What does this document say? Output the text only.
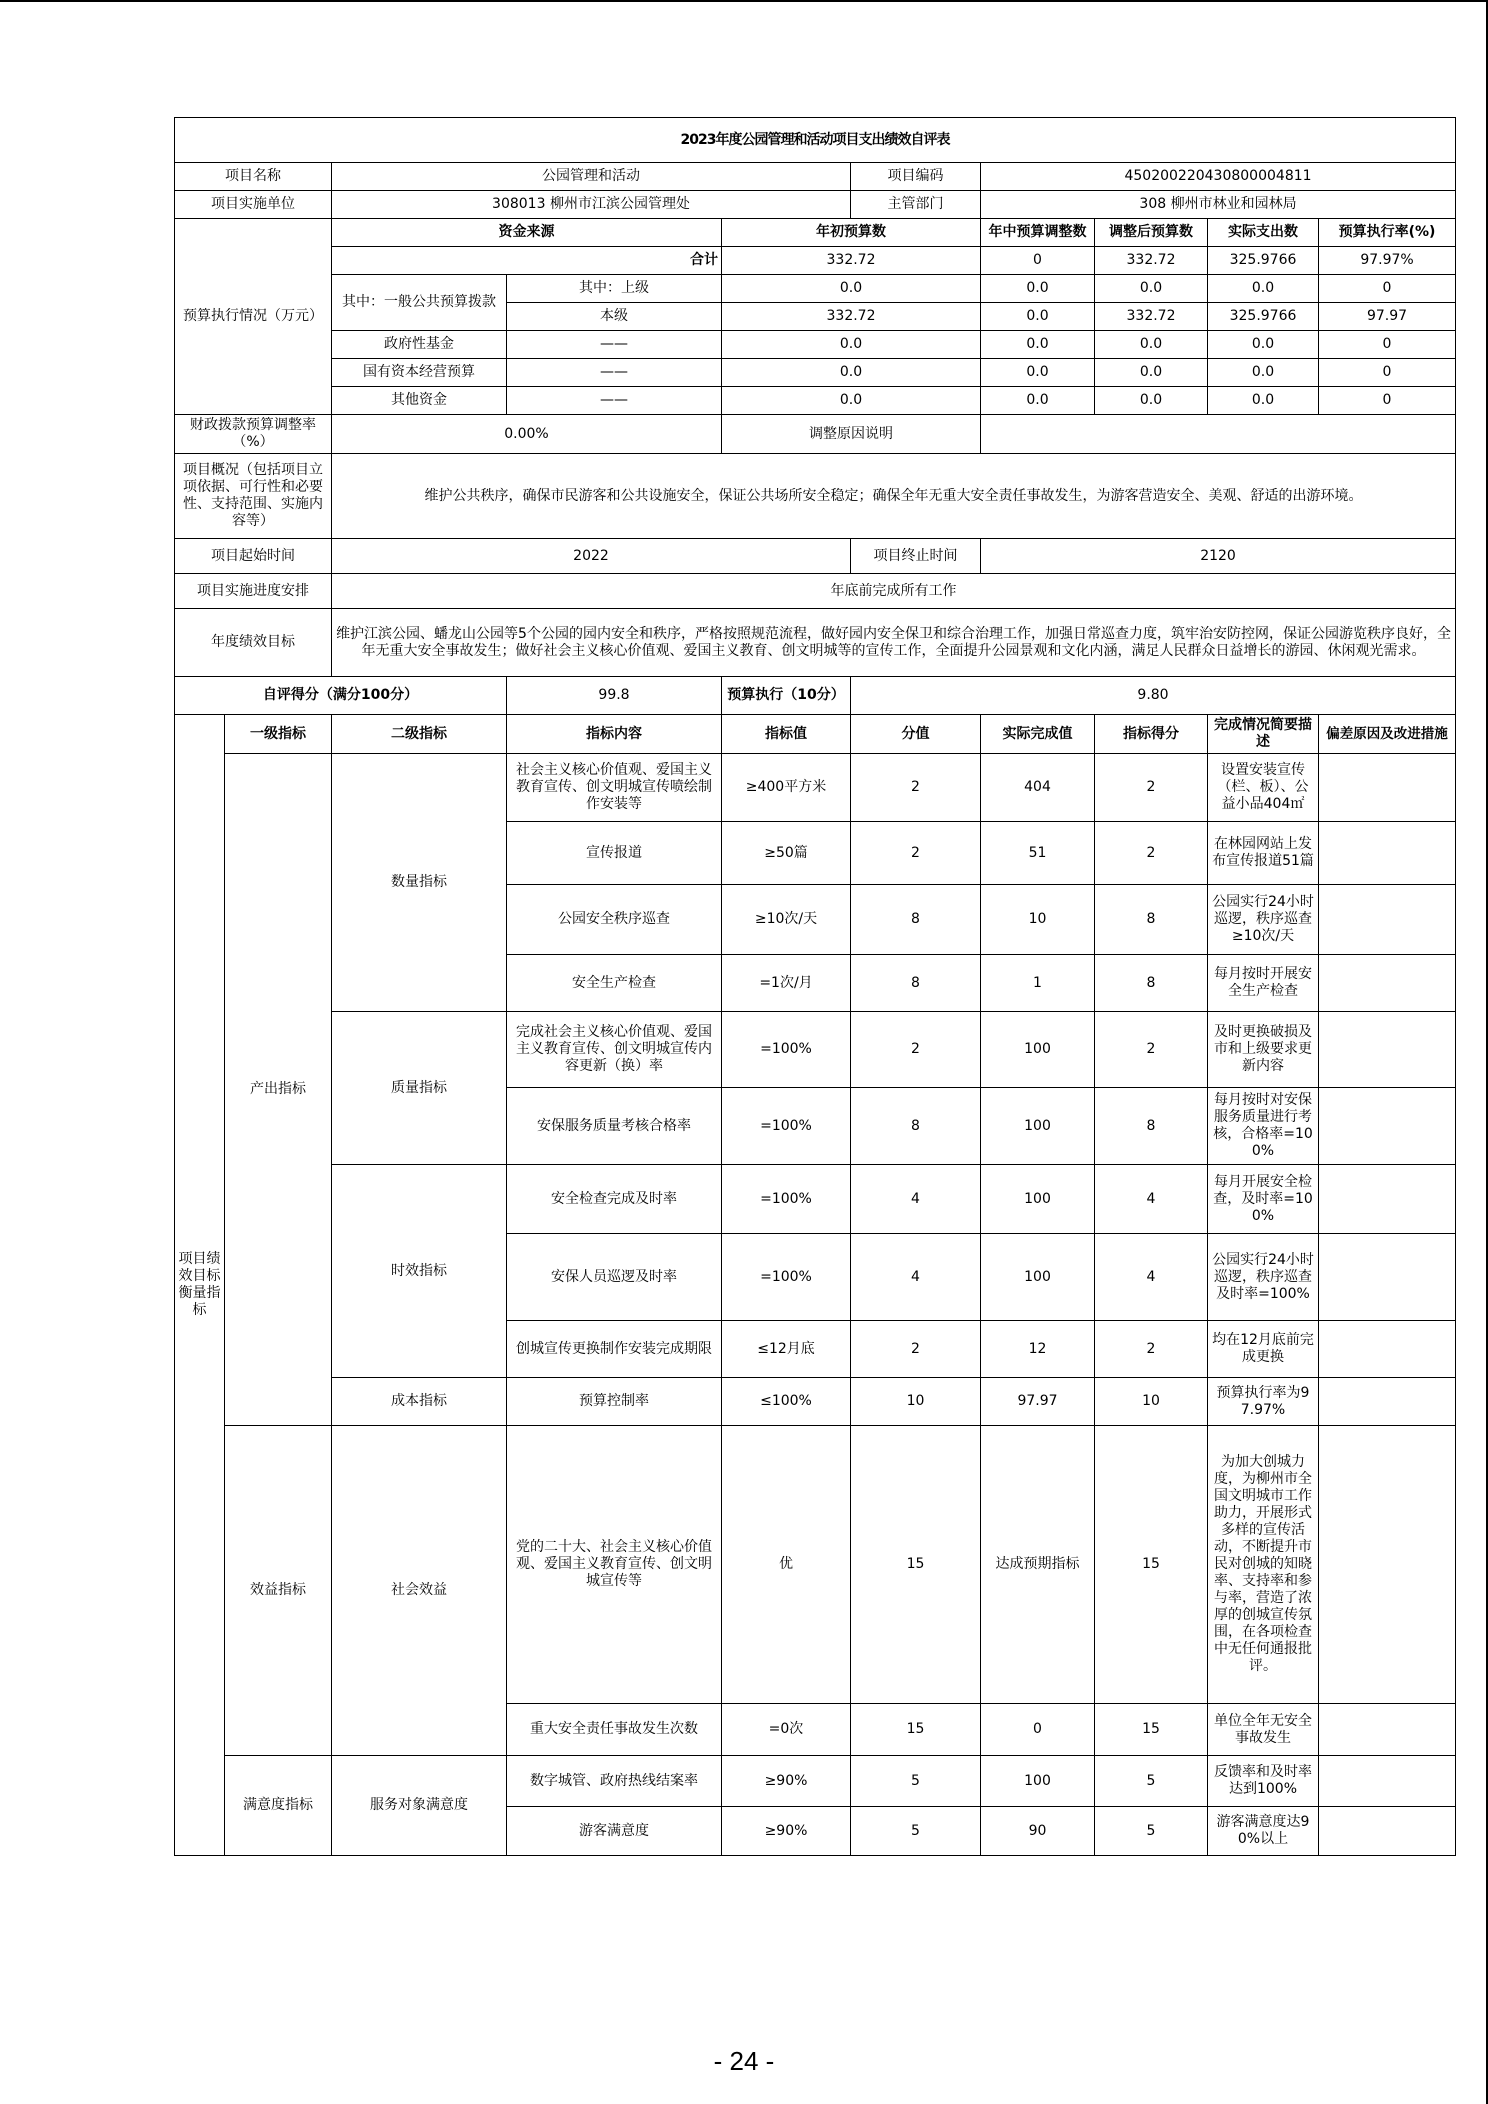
2023年度公园管理和活动项目支出绩效自评表									
项目名称		公园管理和活动			项目编码	450200220430800004811			
项目实施单位		308013 柳州市江滨公园管理处			主管部门	308 柳州市林业和园林局			
预算执行情况（万元）		资金来源		年初预算数		年中预算调整数	调整后预算数	实际支出数	预算执行率(%)
		合计		332.72		0	332.72	325.9766	97.97%
		其中：一般公共预算拨款	其中：上级	0.0		0.0	0.0	0.0	0
			本级	332.72		0.0	332.72	325.9766	97.97
		政府性基金	——	0.0		0.0	0.0	0.0	0
		国有资本经营预算	——	0.0		0.0	0.0	0.0	0
		其他资金	——	0.0		0.0	0.0	0.0	0
财政拨款预算调整率（%）		0.00%		调整原因说明					
项目概况（包括项目立项依据、可行性和必要性、支持范围、实施内容等）		维护公共秩序，确保市民游客和公共设施安全，保证公共场所安全稳定；确保全年无重大安全责任事故发生，为游客营造安全、美观、舒适的出游环境。							
项目起始时间		2022			项目终止时间	2120			
项目实施进度安排		年底前完成所有工作							
年度绩效目标		维护江滨公园、蟠龙山公园等5个公园的园内安全和秩序，严格按照规范流程，做好园内安全保卫和综合治理工作，加强日常巡查力度，筑牢治安防控网，保证公园游览秩序良好，全年无重大安全事故发生；做好社会主义核心价值观、爱国主义教育、创文明城等的宣传工作，全面提升公园景观和文化内涵，满足人民群众日益增长的游园、休闲观光需求。							
自评得分（满分100分）			99.8	预算执行（10分）	9.80				
项目绩效目标衡量指标	一级指标	二级指标	指标内容	指标值	分值	实际完成值	指标得分	完成情况简要描述	偏差原因及改进措施
	产出指标	数量指标	社会主义核心价值观、爱国主义教育宣传、创文明城宣传喷绘制作安装等	≥400平方米	2	404	2	设置安装宣传（栏、板）、公益小品404㎡	
			宣传报道	≥50篇	2	51	2	在林园网站上发布宣传报道51篇	
			公园安全秩序巡查	≥10次/天	8	10	8	公园实行24小时巡逻，秩序巡查≥10次/天	
			安全生产检查	=1次/月	8	1	8	每月按时开展安全生产检查	
		质量指标	完成社会主义核心价值观、爱国主义教育宣传、创文明城宣传内容更新（换）率	=100%	2	100	2	及时更换破损及市和上级要求更新内容	
			安保服务质量考核合格率	=100%	8	100	8	每月按时对安保服务质量进行考核，合格率=100%	
		时效指标	安全检查完成及时率	=100%	4	100	4	每月开展安全检查，及时率=100%	
			安保人员巡逻及时率	=100%	4	100	4	公园实行24小时巡逻，秩序巡查及时率=100%	
			创城宣传更换制作安装完成期限	≤12月底	2	12	2	均在12月底前完成更换	
		成本指标	预算控制率	≤100%	10	97.97	10	预算执行率为97.97%	
	效益指标	社会效益	党的二十大、社会主义核心价值观、爱国主义教育宣传、创文明城宣传等	优	15	达成预期指标	15	为加大创城力度，为柳州市全国文明城市工作助力，开展形式多样的宣传活动，不断提升市民对创城的知晓率、支持率和参与率，营造了浓厚的创城宣传氛围，在各项检查中无任何通报批评。	
			重大安全责任事故发生次数	=0次	15	0	15	单位全年无安全事故发生	
	满意度指标	服务对象满意度	数字城管、政府热线结案率	≥90%	5	100	5	反馈率和及时率达到100%	
			游客满意度	≥90%	5	90	5	游客满意度达90%以上	
- 24 -
